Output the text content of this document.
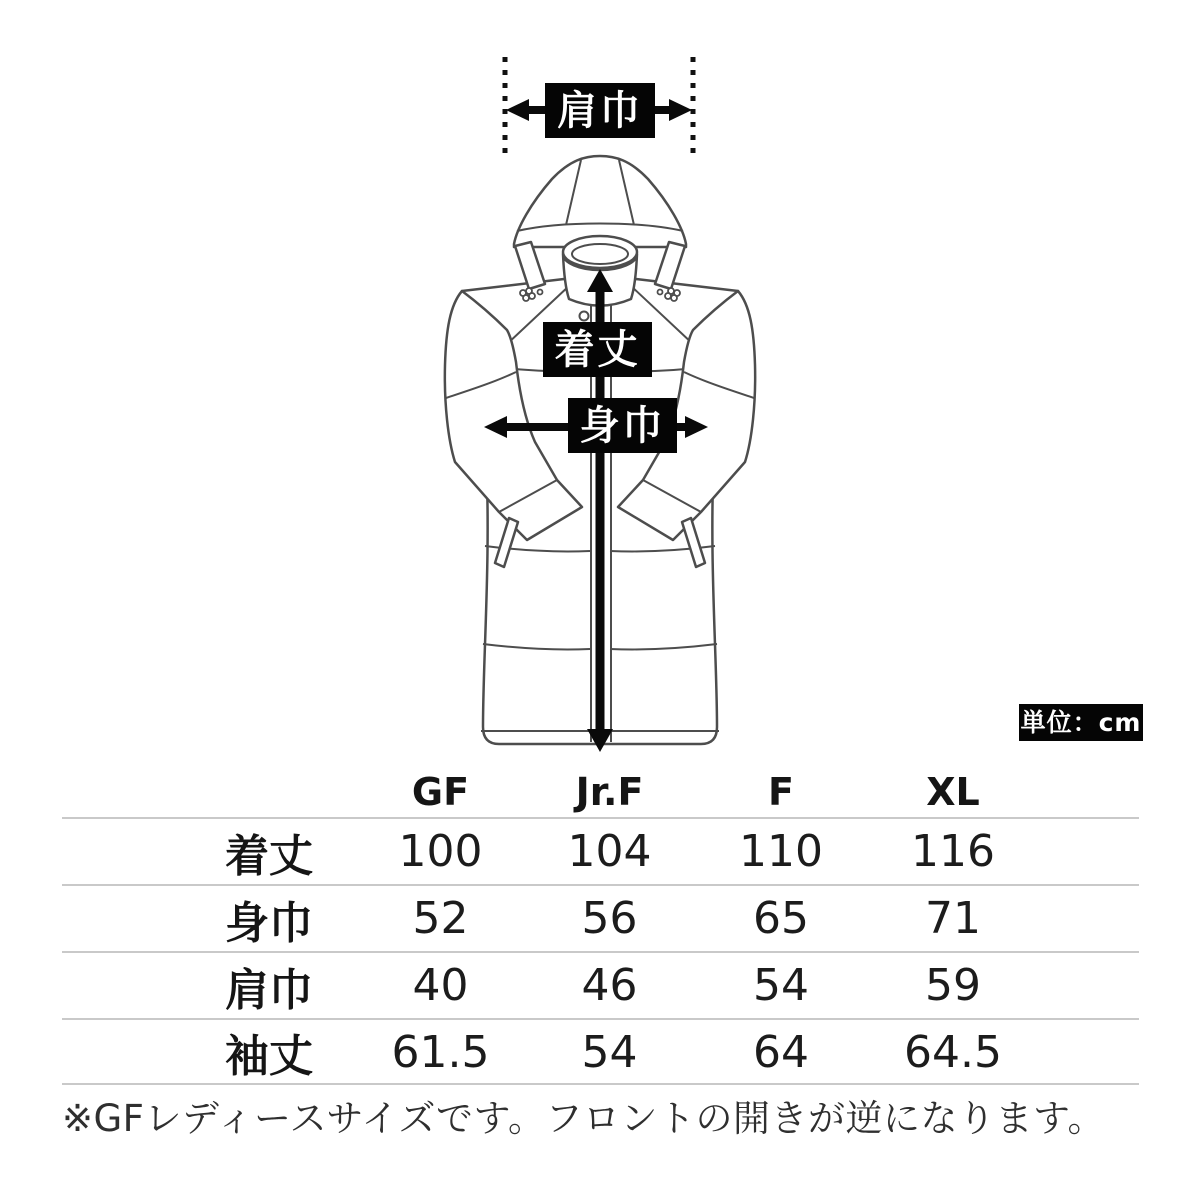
肩巾
着丈
身巾
単位：cm
GF	Jr.F	F	XL
着丈	100	104	110	116
身巾	52	56	65	71
肩巾	40	46	54	59
袖丈	61.5	54	64	64.5
※GFレディースサイズです。フロントの開きが逆になります。
